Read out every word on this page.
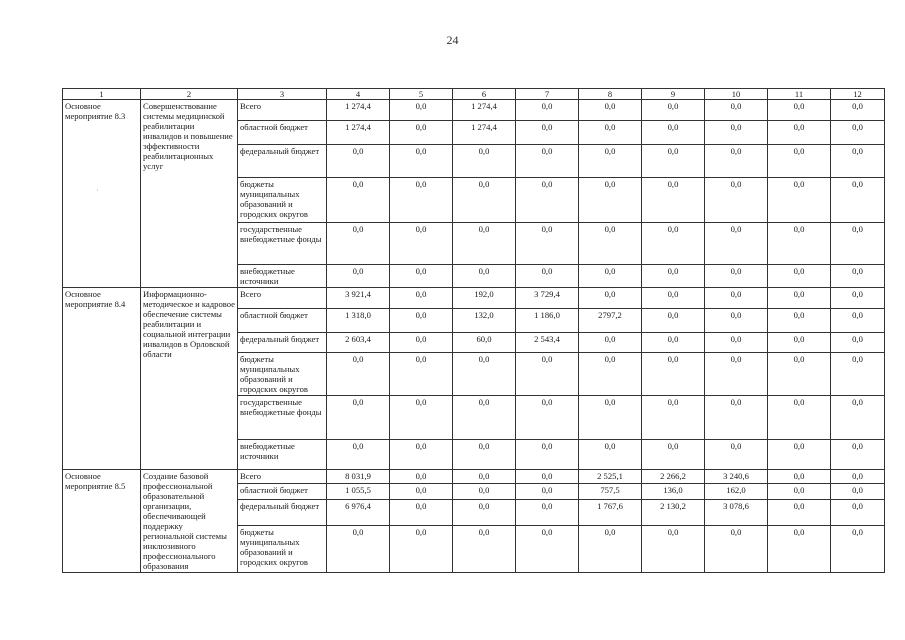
24
1	2	3	4	5	6	7	8	9	10	11	12
Основное мероприятие 8.3	Совершенствование системы медицинской реабилитации инвалидов и повышение эффективности реабилитационных услуг	Всего	1 274,4	0,0	1 274,4	0,0	0,0	0,0	0,0	0,0	0,0
		областной бюджет	1 274,4	0,0	1 274,4	0,0	0,0	0,0	0,0	0,0	0,0
		федеральный бюджет	0,0	0,0	0,0	0,0	0,0	0,0	0,0	0,0	0,0
		бюджеты муниципальных образований и городских округов	0,0	0,0	0,0	0,0	0,0	0,0	0,0	0,0	0,0
		государственные внебюджетные фонды	0,0	0,0	0,0	0,0	0,0	0,0	0,0	0,0	0,0
		внебюджетные источники	0,0	0,0	0,0	0,0	0,0	0,0	0,0	0,0	0,0
Основное мероприятие 8.4	Информационно-методическое и кадровое обеспечение системы реабилитации и социальной интеграции инвалидов в Орловской области	Всего	3 921,4	0,0	192,0	3 729,4	0,0	0,0	0,0	0,0	0,0
		областной бюджет	1 318,0	0,0	132,0	1 186,0	2797,2	0,0	0,0	0,0	0,0
		федеральный бюджет	2 603,4	0,0	60,0	2 543,4	0,0	0,0	0,0	0,0	0,0
		бюджеты муниципальных образований и городских округов	0,0	0,0	0,0	0,0	0,0	0,0	0,0	0,0	0,0
		государственные внебюджетные фонды	0,0	0,0	0,0	0,0	0,0	0,0	0,0	0,0	0,0
		внебюджетные источники	0,0	0,0	0,0	0,0	0,0	0,0	0,0	0,0	0,0
Основное мероприятие 8.5	Создание базовой профессиональной образовательной организации, обеспечивающей поддержку региональной системы инклюзивного профессионального образования	Всего	8 031,9	0,0	0,0	0,0	2 525,1	2 266,2	3 240,6	0,0	0,0
		областной бюджет	1 055,5	0,0	0,0	0,0	757,5	136,0	162,0	0,0	0,0
		федеральный бюджет	6 976,4	0,0	0,0	0,0	1 767,6	2 130,2	3 078,6	0,0	0,0
		бюджеты муниципальных образований и городских округов	0,0	0,0	0,0	0,0	0,0	0,0	0,0	0,0	0,0
·
